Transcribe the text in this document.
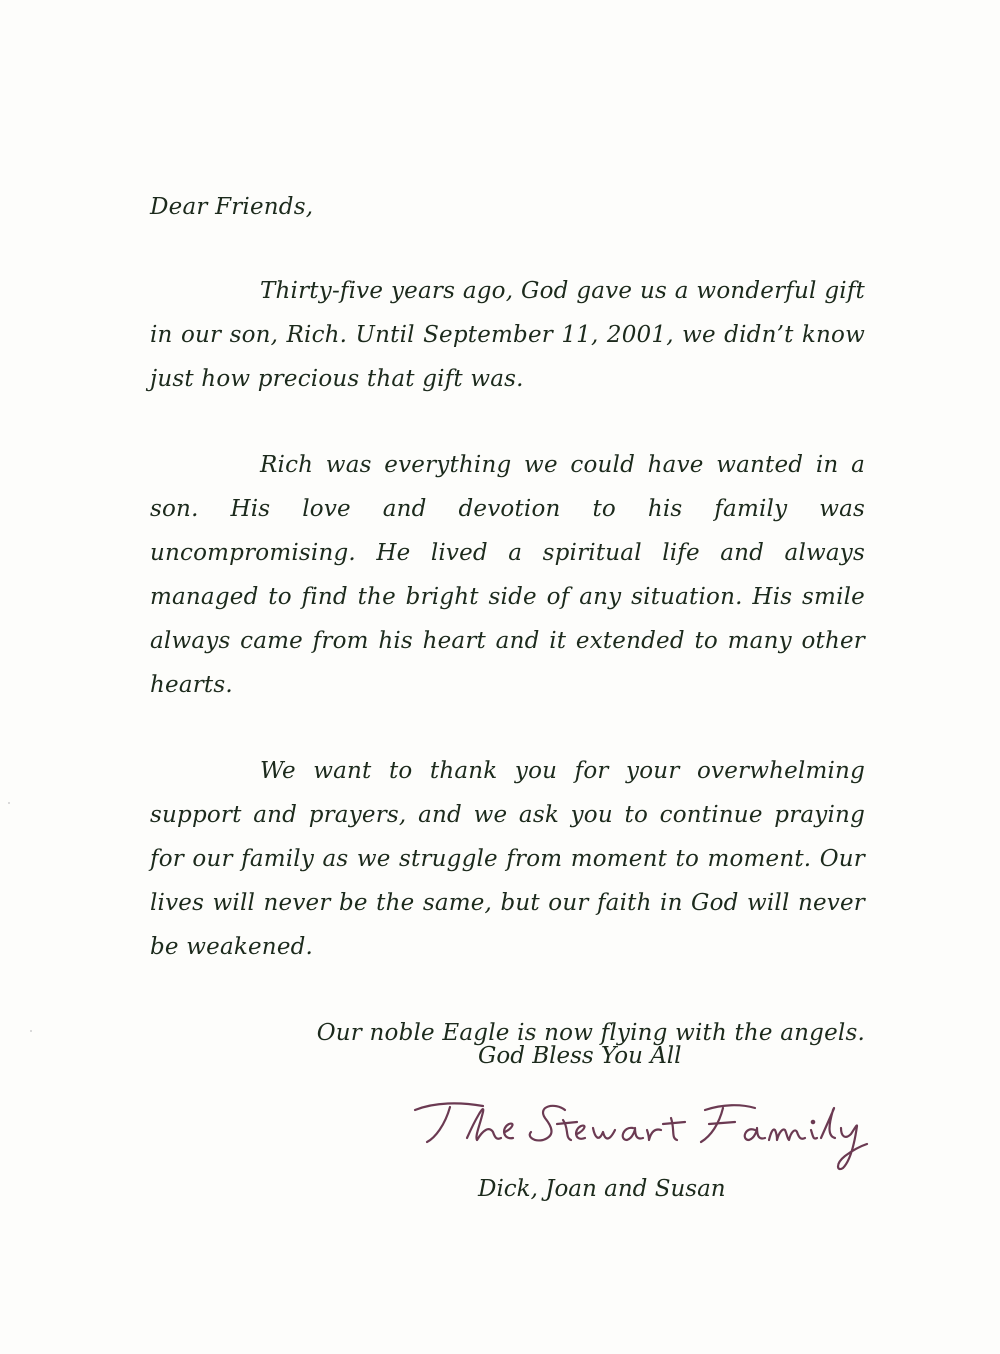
Dear Friends,

Thirty-five years ago, God gave us a wonderful gift in our son, Rich. Until September 11, 2001, we didn’t know just how precious that gift was.

Rich was everything we could have wanted in a son. His love and devotion to his family was uncompromising. He lived a spiritual life and always managed to find the bright side of any situation. His smile always came from his heart and it extended to many other hearts.

We want to thank you for your overwhelming support and prayers, and we ask you to continue praying for our family as we struggle from moment to moment. Our lives will never be the same, but our faith in God will never be weakened.

Our noble Eagle is now flying with the angels.

God Bless You All
Dick, Joan and Susan
